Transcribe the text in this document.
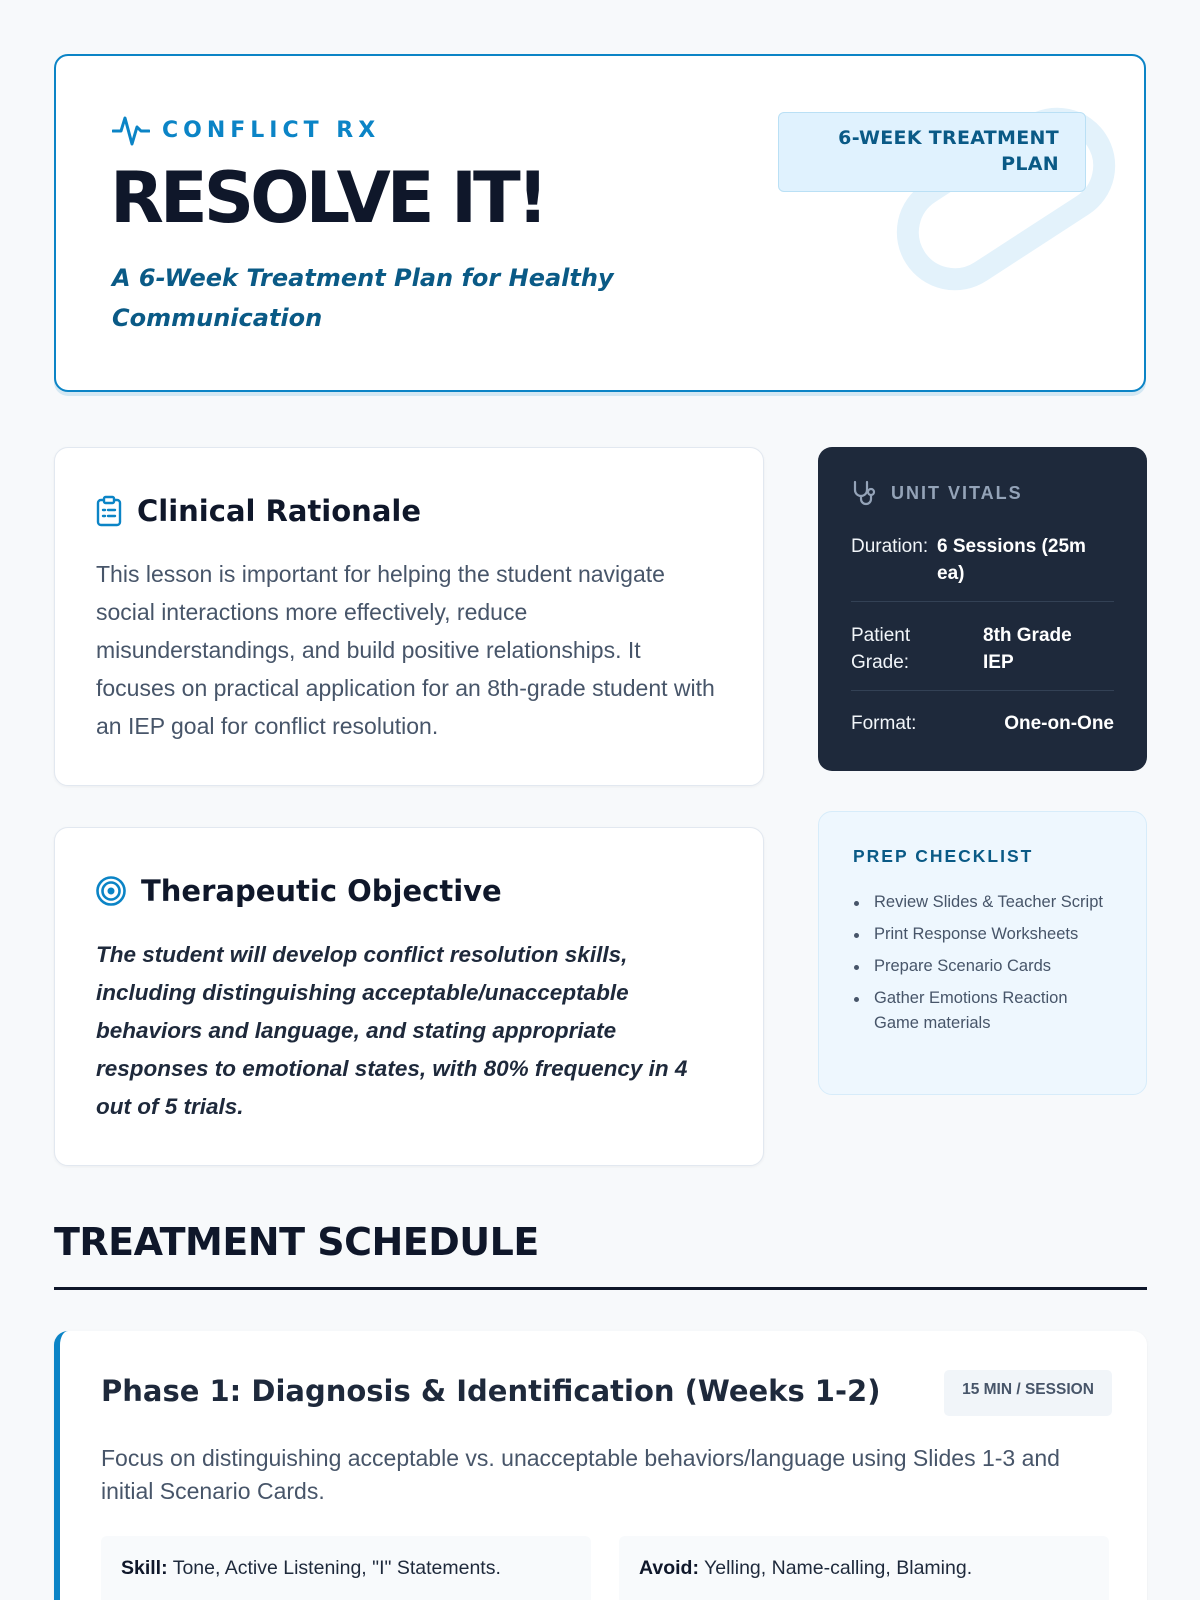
CONFLICT RX
RESOLVE IT!

A 6-Week Treatment Plan for Healthy Communication

6-WEEK TREATMENT PLAN
Clinical Rationale

This lesson is important for helping the student navigate social interactions more effectively, reduce misunderstandings, and build positive relationships. It focuses on practical application for an 8th-grade student with an IEP goal for conflict resolution.

Therapeutic Objective

The student will develop conflict resolution skills, including distinguishing acceptable/unacceptable behaviors and language, and stating appropriate responses to emotional states, with 80% frequency in 4 out of 5 trials.

UNIT VITALS
Duration: 6 Sessions (25m ea)
Patient Grade:
8th Grade IEP
Format:	One-on-One
PREP CHECKLIST
Review Slides & Teacher Script
Print Response Worksheets
Prepare Scenario Cards
Gather Emotions Reaction Game materials
TREATMENT SCHEDULE
Phase 1: Diagnosis & Identification (Weeks 1-2)	15 MIN / SESSION

Focus on distinguishing acceptable vs. unacceptable behaviors/language using Slides 1-3 and initial Scenario Cards.

Skill: Tone, Active Listening, "I" Statements.	Avoid: Yelling, Name-calling, Blaming.
